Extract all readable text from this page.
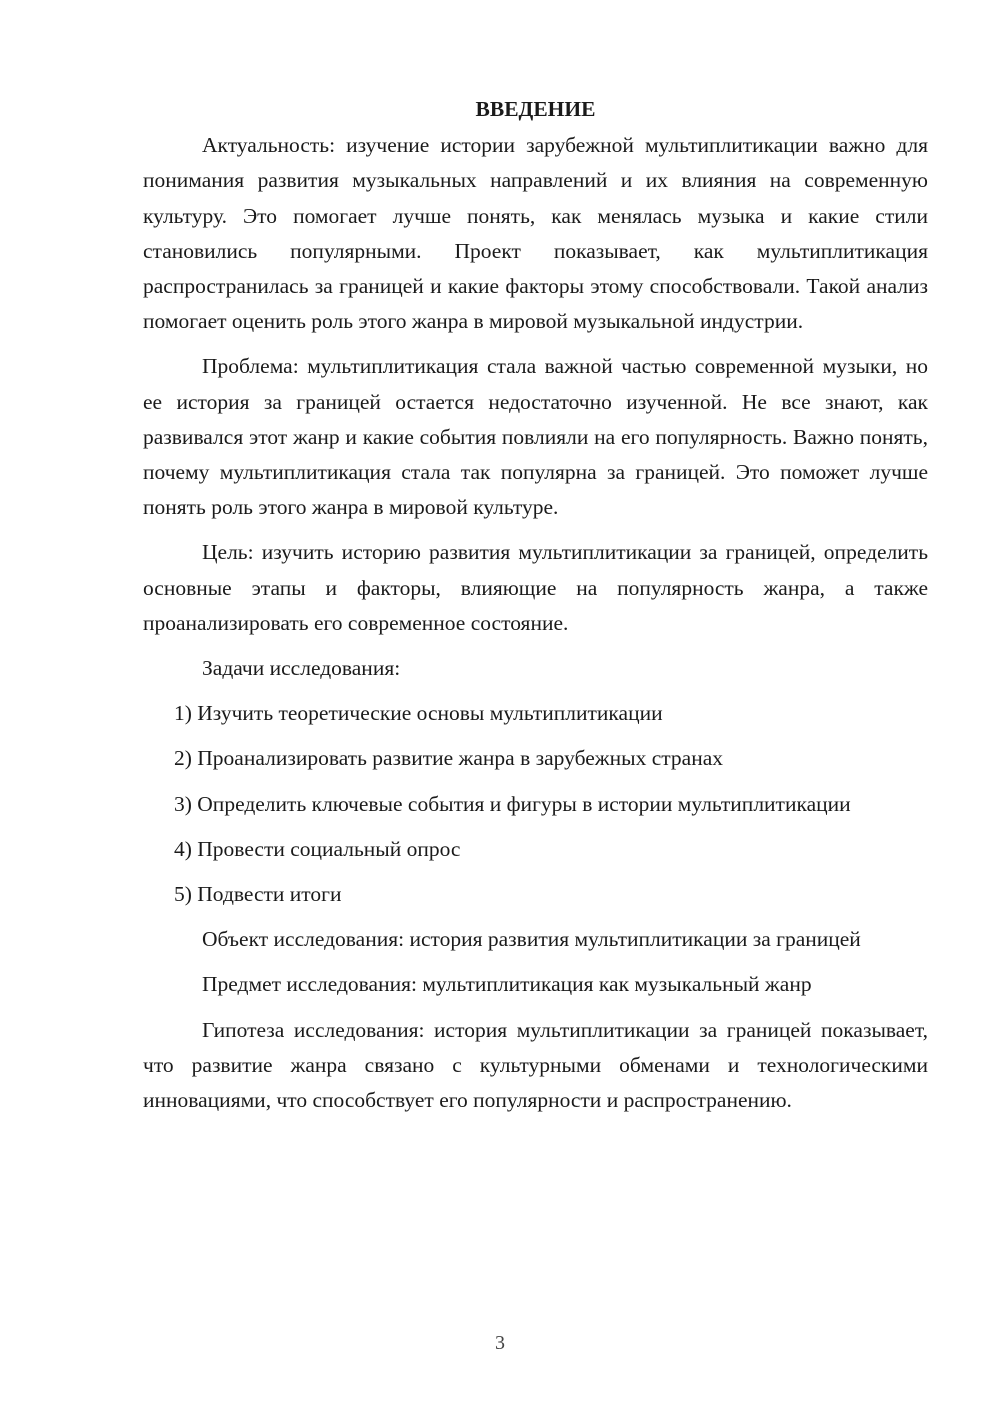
ВВЕДЕНИЕ
Актуальность: изучение истории зарубежной мультиплитикации важно для понимания развития музыкальных направлений и их влияния на современную культуру. Это помогает лучше понять, как менялась музыка и какие стили становились популярными. Проект показывает, как мультиплитикация распространилась за границей и какие факторы этому способствовали. Такой анализ помогает оценить роль этого жанра в мировой музыкальной индустрии.
Проблема: мультиплитикация стала важной частью современной музыки, но ее история за границей остается недостаточно изученной. Не все знают, как развивался этот жанр и какие события повлияли на его популярность. Важно понять, почему мультиплитикация стала так популярна за границей. Это поможет лучше понять роль этого жанра в мировой культуре.
Цель: изучить историю развития мультиплитикации за границей, определить основные этапы и факторы, влияющие на популярность жанра, а также проанализировать его современное состояние.
Задачи исследования:
1) Изучить теоретические основы мультиплитикации
2) Проанализировать развитие жанра в зарубежных странах
3) Определить ключевые события и фигуры в истории мультиплитикации
4) Провести социальный опрос
5) Подвести итоги
Объект исследования: история развития мультиплитикации за границей
Предмет исследования: мультиплитикация как музыкальный жанр
Гипотеза исследования: история мультиплитикации за границей показывает, что развитие жанра связано с культурными обменами и технологическими инновациями, что способствует его популярности и распространению.
3
